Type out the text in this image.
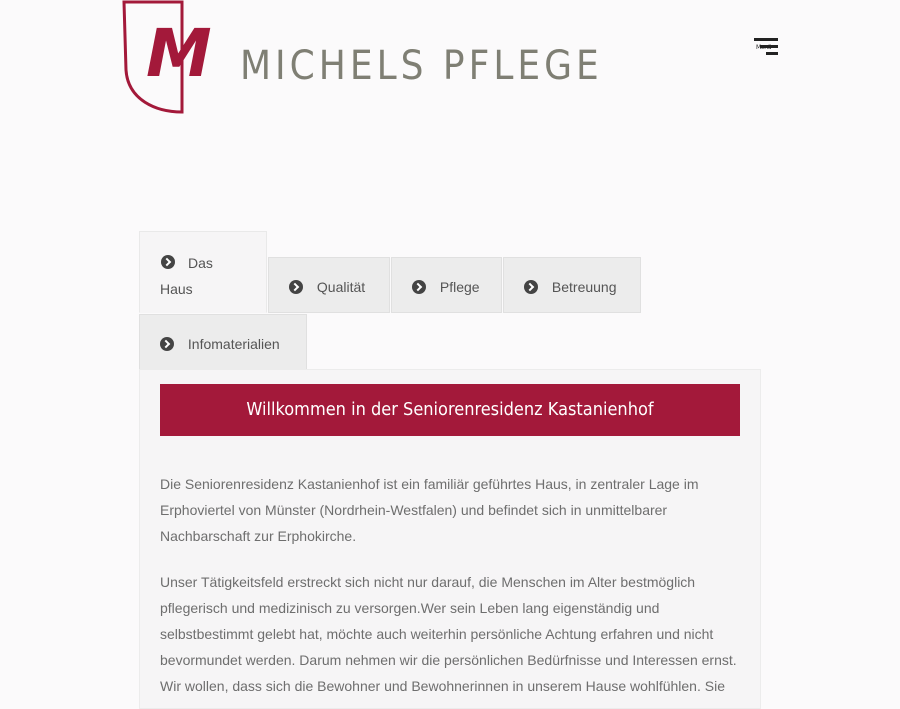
M MICHELS PFLEGE	Menü
Das Haus	Qualität	Pflege	Betreuung
Infomaterialien
Willkommen in der Seniorenresidenz Kastanienhof

Die Seniorenresidenz Kastanienhof ist ein familiär geführtes Haus, in zentraler Lage im Erphoviertel von Münster (Nordrhein-Westfalen) und befindet sich in unmittelbarer Nachbarschaft zur Erphokirche.

Unser Tätigkeitsfeld erstreckt sich nicht nur darauf, die Menschen im Alter bestmöglich pflegerisch und medizinisch zu versorgen.Wer sein Leben lang eigenständig und selbstbestimmt gelebt hat, möchte auch weiterhin persönliche Achtung erfahren und nicht bevormundet werden. Darum nehmen wir die persönlichen Bedürfnisse und Interessen ernst. Wir wollen, dass sich die Bewohner und Bewohnerinnen in unserem Hause wohlfühlen. Sie
